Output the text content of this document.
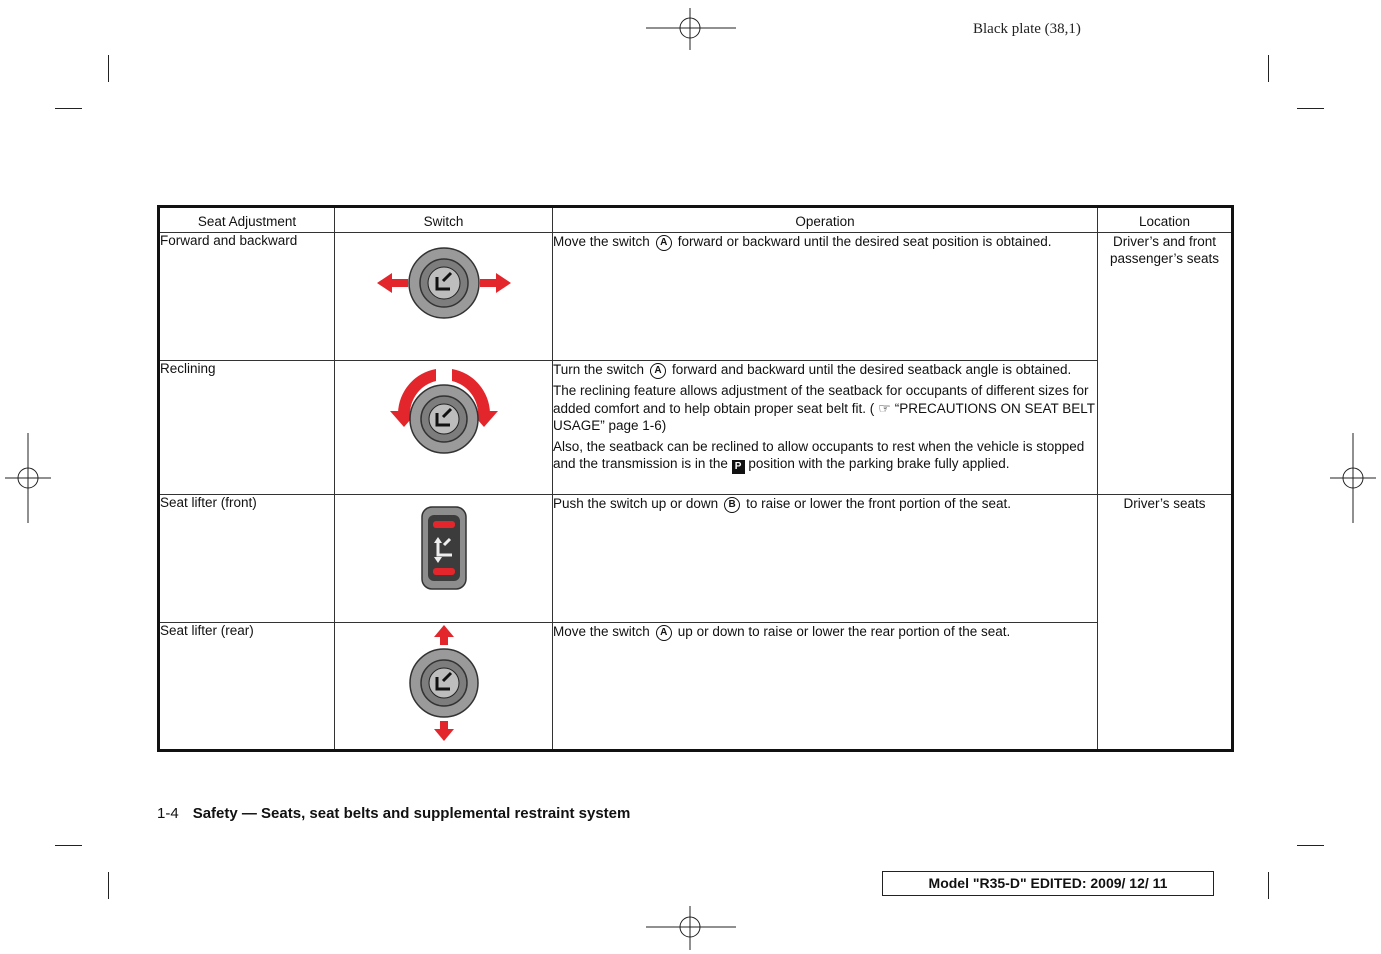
Black plate (38,1)
Seat Adjustment	Switch	Operation	Location
Forward and backward		Move the switch A forward or backward until the desired seat position is obtained.	Driver’s and front passenger’s seats
Reclining		Turn the switch A forward and backward until the desired seatback angle is obtained.

The reclining feature allows adjustment of the seatback for occupants of different sizes for added comfort and to help obtain proper seat belt fit. ( ☞ “PRECAUTIONS ON SEAT BELT USAGE” page 1-6)

Also, the seatback can be reclined to allow occupants to rest when the vehicle is stopped and the transmission is in the P position with the parking brake fully applied.	

Seat lifter (front)		Push the switch up or down B to raise or lower the front portion of the seat.	Driver’s seats
Seat lifter (rear)		Move the switch A up or down to raise or lower the rear portion of the seat.	
1-4 Safety — Seats, seat belts and supplemental restraint system
Model "R35-D" EDITED: 2009/ 12/ 11
